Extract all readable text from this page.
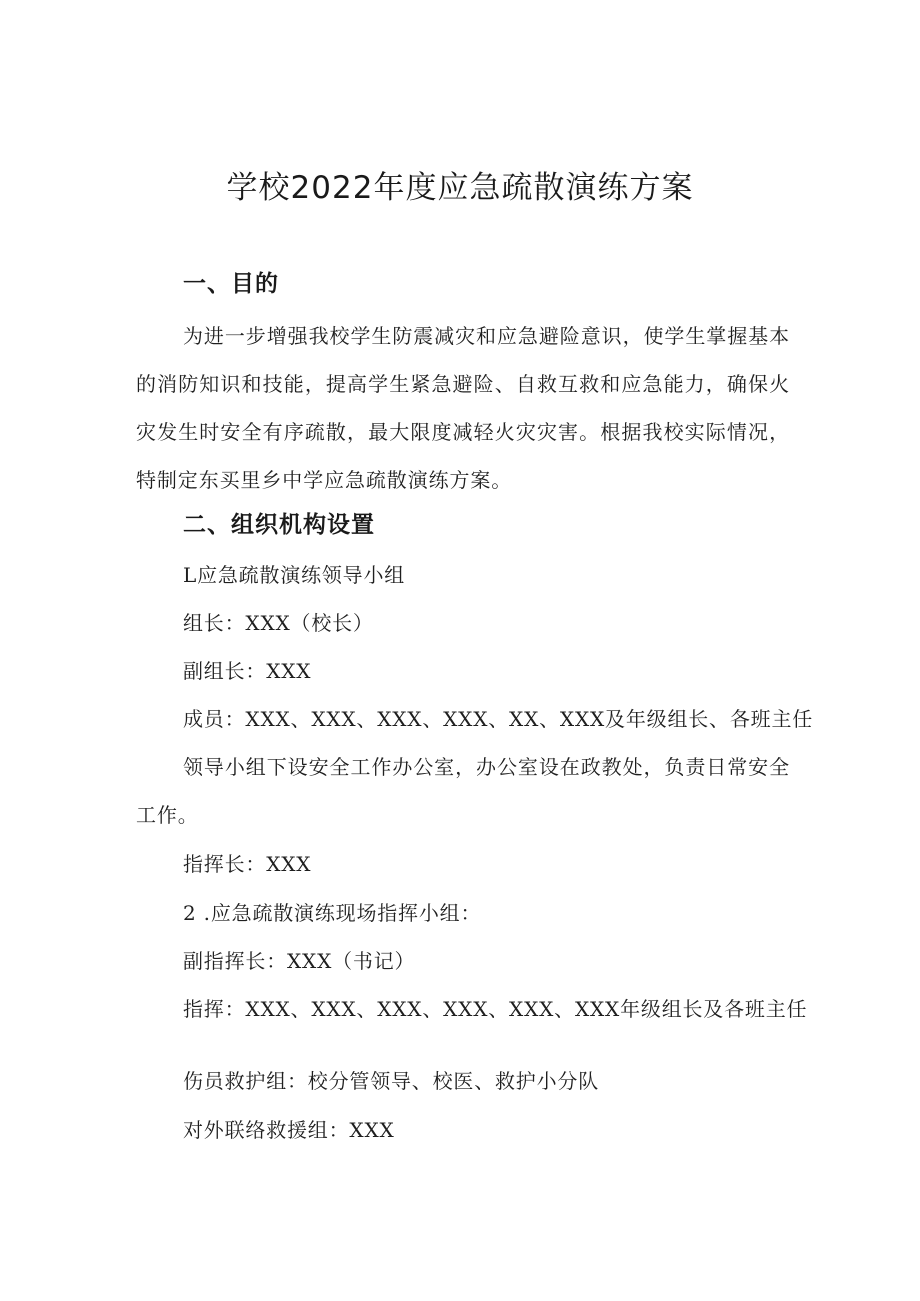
学校2022年度应急疏散演练方案
一、目的
为进一步增强我校学生防震减灾和应急避险意识，使学生掌握基本的消防知识和技能，提高学生紧急避险、自救互救和应急能力，确保火灾发生时安全有序疏散，最大限度减轻火灾灾害。根据我校实际情况，特制定东买里乡中学应急疏散演练方案。
二、组织机构设置
L应急疏散演练领导小组
组长：XXX（校长）
副组长：XXX
成员：XXX、XXX、XXX、XXX、XX、XXX及年级组长、各班主任
领导小组下设安全工作办公室，办公室设在政教处，负责日常安全工作。
指挥长：XXX
2 .应急疏散演练现场指挥小组：
副指挥长：XXX（书记）
指挥：XXX、XXX、XXX、XXX、XXX、XXX年级组长及各班主任
伤员救护组：校分管领导、校医、救护小分队
对外联络救援组：XXX
